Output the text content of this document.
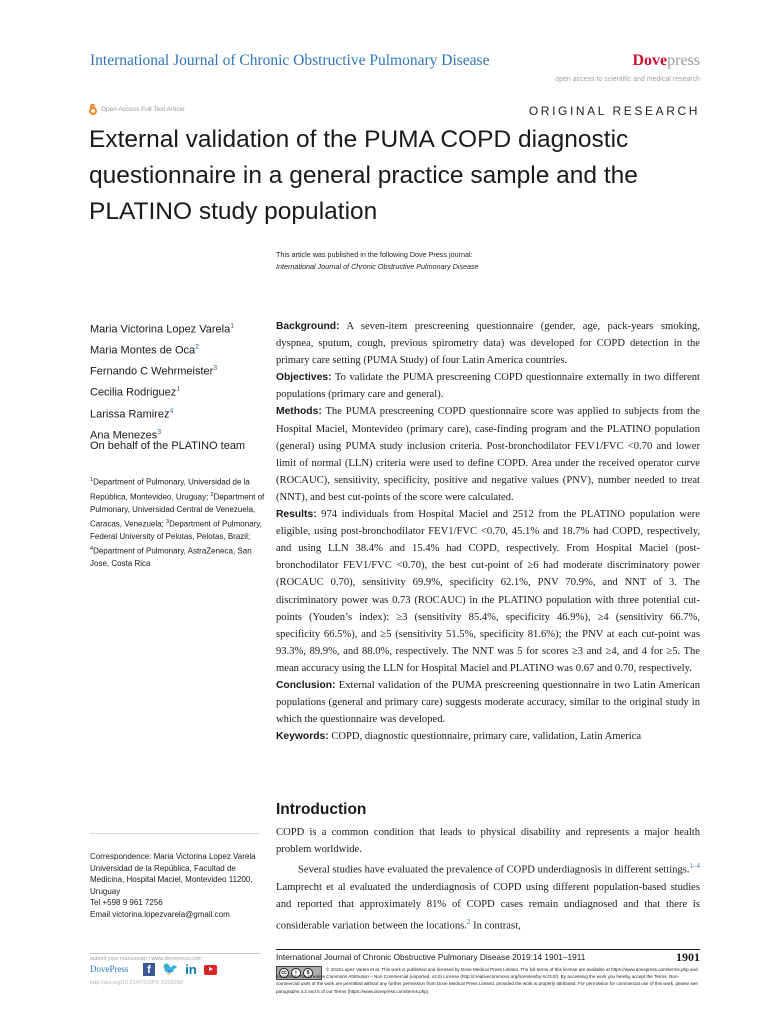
International Journal of Chronic Obstructive Pulmonary Disease	Dovepress
open access to scientific and medical research
Open Access Full Text Article	ORIGINAL RESEARCH
External validation of the PUMA COPD diagnostic questionnaire in a general practice sample and the PLATINO study population
This article was published in the following Dove Press journal:
International Journal of Chronic Obstructive Pulmonary Disease
Maria Victorina Lopez Varela$^1$
Maria Montes de Oca$^2$
Fernando C Wehrmeister$^3$
Cecilia Rodriguez$^1$
Larissa Ramirez$^4$
Ana Menezes$^3$
On behalf of the PLATINO team
$^1$Department of Pulmonary, Universidad de la República, Montevideo, Uruguay; $^2$Department of Pulmonary, Universidad Central de Venezuela, Caracas, Venezuela; $^3$Department of Pulmonary, Federal University of Pelotas, Pelotas, Brazil; $^4$Department of Pulmonary, AstraZeneca, San Jose, Costa Rica

Background: A seven-item prescreening questionnaire (gender, age, pack-years smoking, dyspnea, sputum, cough, previous spirometry data) was developed for COPD detection in the primary care setting (PUMA Study) of four Latin America countries.

Objectives: To validate the PUMA prescreening COPD questionnaire externally in two different populations (primary care and general).

Methods: The PUMA prescreening COPD questionnaire score was applied to subjects from the Hospital Maciel, Montevideo (primary care), case-finding program and the PLATINO population (general) using PUMA study inclusion criteria. Post-bronchodilator FEV1/FVC <0.70 and lower limit of normal (LLN) criteria were used to define COPD. Area under the received operator curve (ROCAUC), sensitivity, specificity, positive and negative values (PNV), number needed to treat (NNT), and best cut-points of the score were calculated.

Results: 974 individuals from Hospital Maciel and 2512 from the PLATINO population were eligible, using post-bronchodilator FEV1/FVC <0.70, 45.1% and 18.7% had COPD, respectively, and using LLN 38.4% and 15.4% had COPD, respectively. From Hospital Maciel (post-bronchodilator FEV1/FVC <0.70), the best cut-point of ≥6 had moderate discriminatory power (ROCAUC 0.70), sensitivity 69.9%, specificity 62.1%, PNV 70.9%, and NNT of 3. The discriminatory power was 0.73 (ROCAUC) in the PLATINO population with three potential cut-points (Youden’s index): ≥3 (sensitivity 85.4%, specificity 46.9%), ≥4 (sensitivity 66.7%, specificity 66.5%), and ≥5 (sensitivity 51.5%, specificity 81.6%); the PNV at each cut-point was 93.3%, 89.9%, and 88.0%, respectively. The NNT was 5 for scores ≥3 and ≥4, and 4 for ≥5. The mean accuracy using the LLN for Hospital Maciel and PLATINO was 0.67 and 0.70, respectively.

Conclusion: External validation of the PUMA prescreening questionnaire in two Latin American populations (general and primary care) suggests moderate accuracy, similar to the original study in which the questionnaire was developed.

Keywords: COPD, diagnostic questionnaire, primary care, validation, Latin America

Introduction

COPD is a common condition that leads to physical disability and represents a major health problem worldwide.

Several studies have evaluated the prevalence of COPD underdiagnosis in different settings.$^{1-4}$ Lamprecht et al evaluated the underdiagnosis of COPD using different population-based studies and reported that approximately 81% of COPD cases remain undiagnosed and that there is considerable variation between the locations.$^2$ In contrast,

Correspondence: Maria Victorina Lopez Varela
Universidad de la República, Facultad de Medicina, Hospital Maciel, Montevideo 11200, Uruguay
Tel +598 9 961 7256
Email victorina.lopezvarela@gmail.com
submit your manuscript | www.dovepress.com
DovePress	f 🐦 in
http://doi.org/10.2147/COPD.S206250
International Journal of Chronic Obstructive Pulmonary Disease 2019:14 1901–1911	1901
cc	i	$
© 2019 Lopez Varela et al. This work is published and licensed by Dove Medical Press Limited. The full terms of this license are available at https://www.dovepress.com/terms.php and incorporate the Creative Commons Attribution – Non Commercial (unported, v3.0) License (http://creativecommons.org/licenses/by-nc/3.0/). By accessing the work you hereby accept the Terms. Non-commercial uses of the work are permitted without any further permission from Dove Medical Press Limited, provided the work is properly attributed. For permission for commercial use of this work, please see paragraphs 4.2 and 5 of our Terms (https://www.dovepress.com/terms.php).
